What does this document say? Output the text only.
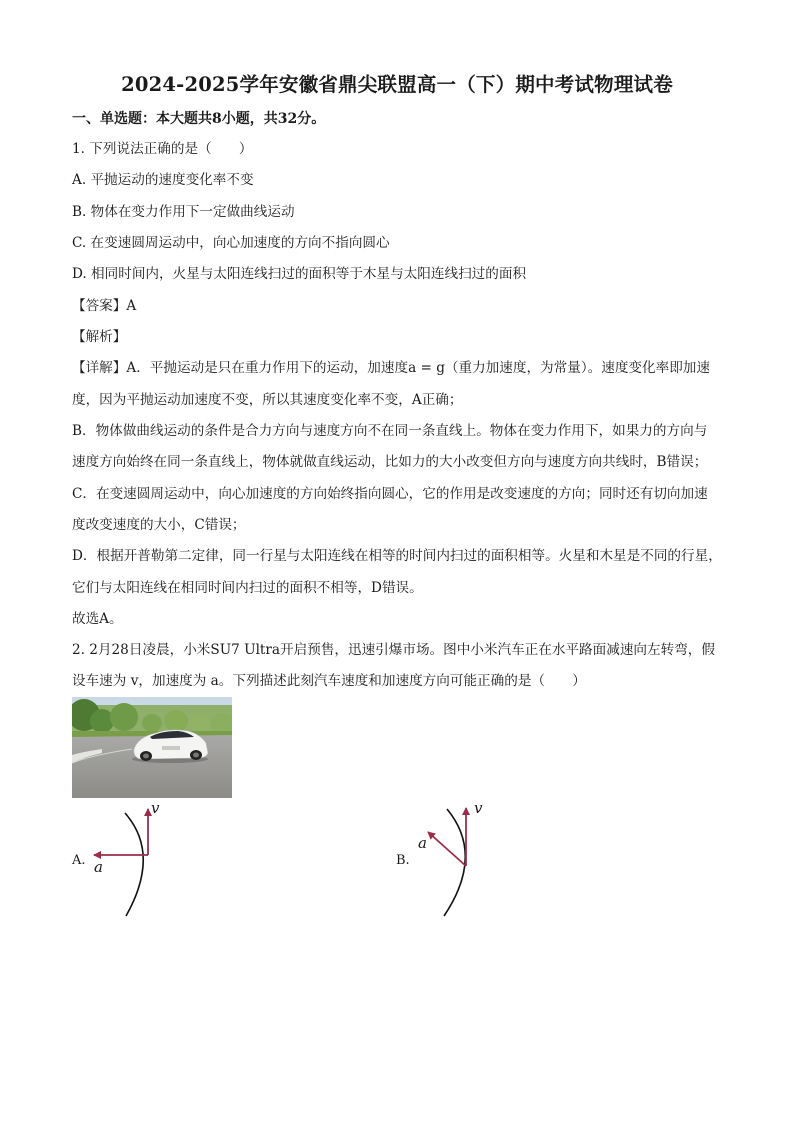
2024-2025学年安徽省鼎尖联盟高一（下）期中考试物理试卷
一、单选题：本大题共8小题，共32分。
1. 下列说法正确的是（　　）
A. 平抛运动的速度变化率不变
B. 物体在变力作用下一定做曲线运动
C. 在变速圆周运动中，向心加速度的方向不指向圆心
D. 相同时间内，火星与太阳连线扫过的面积等于木星与太阳连线扫过的面积
【答案】A
【解析】
【详解】A．平抛运动是只在重力作用下的运动，加速度a = g（重力加速度，为常量）。速度变化率即加速
度，因为平抛运动加速度不变，所以其速度变化率不变，A正确；
B．物体做曲线运动的条件是合力方向与速度方向不在同一条直线上。物体在变力作用下，如果力的方向与
速度方向始终在同一条直线上，物体就做直线运动，比如力的大小改变但方向与速度方向共线时，B错误；
C．在变速圆周运动中，向心加速度的方向始终指向圆心，它的作用是改变速度的方向；同时还有切向加速
度改变速度的大小，C错误；
D．根据开普勒第二定律，同一行星与太阳连线在相等的时间内扫过的面积相等。火星和木星是不同的行星，
它们与太阳连线在相同时间内扫过的面积不相等，D错误。
故选A。
2. 2月28日凌晨，小米SU7 Ultra开启预售，迅速引爆市场。图中小米汽车正在水平路面减速向左转弯，假
设车速为 v，加速度为 a。下列描述此刻汽车速度和加速度方向可能正确的是（　　）
A.
v
a	B.
v
a
